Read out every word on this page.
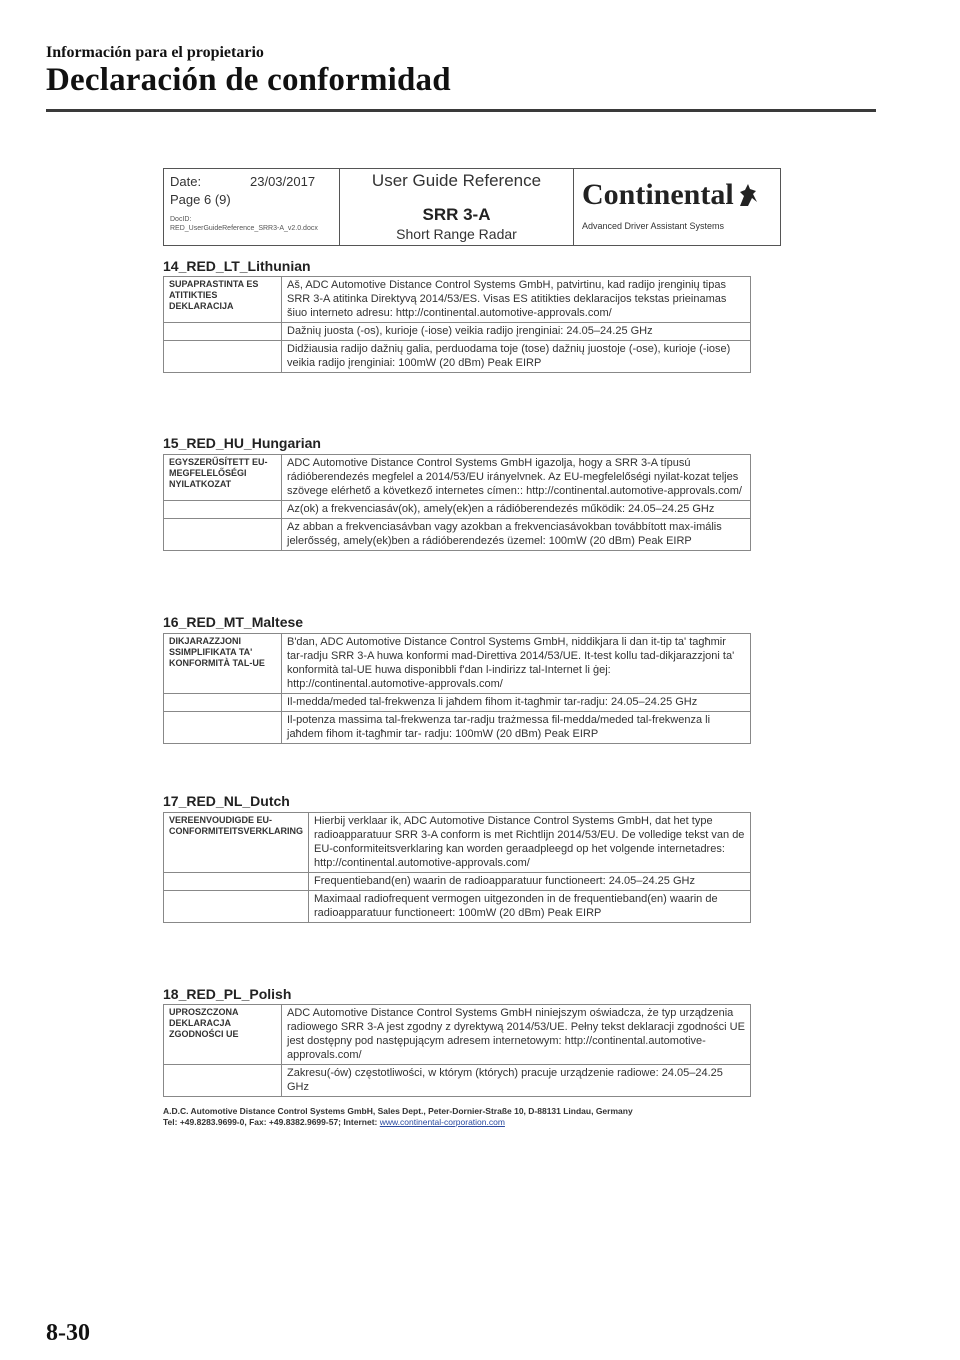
Información para el propietario
Declaración de conformidad
Date:	23/03/2017
Page 6 (9)
DocID:
RED_UserGuideReference_SRR3-A_v2.0.docx
User Guide Reference
SRR 3-A
Short Range Radar
Continental
Advanced Driver Assistant Systems
14_RED_LT_Lithunian
SUPAPRASTINTA ES ATITIKTIES DEKLARACIJA	Aš, ADC Automotive Distance Control Systems GmbH, patvirtinu, kad radijo įrenginių tipas SRR 3-A atitinka Direktyvą 2014/53/ES. Visas ES atitikties deklaracijos tekstas prieinamas šiuo interneto adresu: http://continental.automotive-approvals.com/
	Dažnių juosta (-os), kurioje (-iose) veikia radijo įrenginiai: 24.05–24.25 GHz
	Didžiausia radijo dažnių galia, perduodama toje (tose) dažnių juostoje (-ose), kurioje (-iose) veikia radijo įrenginiai: 100mW (20 dBm) Peak EIRP
15_RED_HU_Hungarian
EGYSZERŰSÍTETT EU-MEGFELELŐSÉGI NYILATKOZAT	ADC Automotive Distance Control Systems GmbH igazolja, hogy a SRR 3-A típusú rádióberendezés megfelel a 2014/53/EU irányelvnek. Az EU-megfelelőségi nyilat-kozat teljes szövege elérhető a következő internetes címen:: http://continental.automotive-approvals.com/
	Az(ok) a frekvenciasáv(ok), amely(ek)en a rádióberendezés működik: 24.05–24.25 GHz
	Az abban a frekvenciasávban vagy azokban a frekvenciasávokban továbbított max-imális jelerősség, amely(ek)ben a rádióberendezés üzemel: 100mW (20 dBm) Peak EIRP
16_RED_MT_Maltese
DIKJARAZZJONI SSIMPLIFIKATA TA' KONFORMITÀ TAL-UE	B'dan, ADC Automotive Distance Control Systems GmbH, niddikjara li dan it-tip ta' tagħmir tar-radju SRR 3-A huwa konformi mad-Direttiva 2014/53/UE. It-test kollu tad-dikjarazzjoni ta' konformità tal-UE huwa disponibbli f'dan l-indirizz tal-Internet li ġej: http://continental.automotive-approvals.com/
	Il-medda/meded tal-frekwenza li jaħdem fihom it-tagħmir tar-radju: 24.05–24.25 GHz
	Il-potenza massima tal-frekwenza tar-radju trażmessa fil-medda/meded tal-frekwenza li jaħdem fihom it-tagħmir tar- radju: 100mW (20 dBm) Peak EIRP
17_RED_NL_Dutch
VEREENVOUDIGDE EU-CONFORMITEITSVERKLARING	Hierbij verklaar ik, ADC Automotive Distance Control Systems GmbH, dat het type radioapparatuur SRR 3-A conform is met Richtlijn 2014/53/EU. De volledige tekst van de EU-conformiteitsverklaring kan worden geraadpleegd op het volgende internetadres: http://continental.automotive-approvals.com/
	Frequentieband(en) waarin de radioapparatuur functioneert: 24.05–24.25 GHz
	Maximaal radiofrequent vermogen uitgezonden in de frequentieband(en) waarin de radioapparatuur functioneert: 100mW (20 dBm) Peak EIRP
18_RED_PL_Polish
UPROSZCZONA DEKLARACJA ZGODNOŚCI UE	ADC Automotive Distance Control Systems GmbH niniejszym oświadcza, że typ urządzenia radiowego SRR 3-A jest zgodny z dyrektywą 2014/53/UE. Pełny tekst deklaracji zgodności UE jest dostępny pod następującym adresem internetowym: http://continental.automotive-approvals.com/
	Zakresu(-ów) częstotliwości, w którym (których) pracuje urządzenie radiowe: 24.05–24.25 GHz
A.D.C. Automotive Distance Control Systems GmbH, Sales Dept., Peter-Dornier-Straße 10, D-88131 Lindau, Germany
Tel: +49.8283.9699-0, Fax: +49.8382.9699-57; Internet: www.continental-corporation.com
8-30
